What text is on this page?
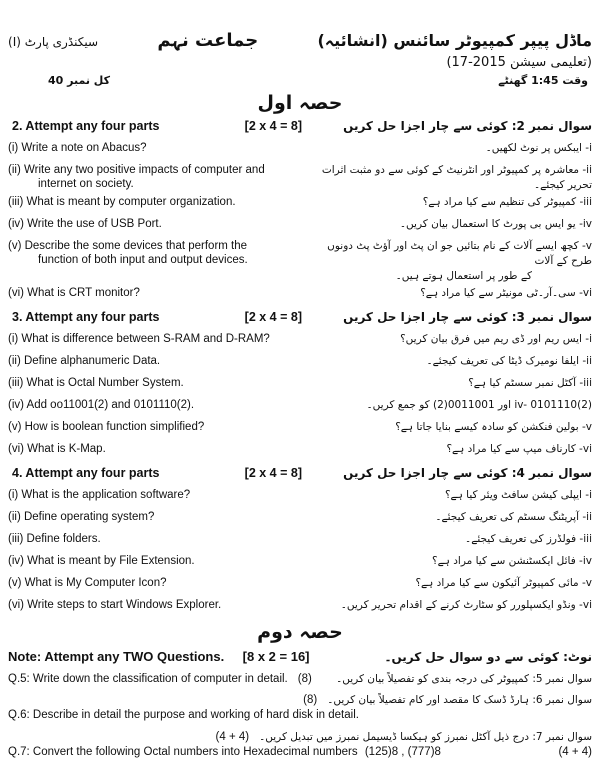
ماڈل پیپر کمپیوٹر سائنس (انشائیہ)
جماعت نہم
سیکنڈری پارٹ (I)
(تعلیمی سیشن 2015-17)
وقت 1:45 گھنٹے
کل نمبر 40
حصہ اول
2. Attempt any four parts	[2 x 4 = 8]	سوال نمبر 2: کوئی سے چار اجزا حل کریں
(i) Write a note on Abacus?	i- ایبکس پر نوٹ لکھیں۔
(ii) Write any two positive impacts of computer and
internet on society.
ii- معاشرہ پر کمپیوٹر اور انٹرنیٹ کے کوئی سے دو مثبت اثرات تحریر کیجئے۔
(iii) What is meant by computer organization.	iii- کمپیوٹر کی تنظیم سے کیا مراد ہے؟
(iv) Write the use of USB Port.	iv- یو ایس بی پورٹ کا استعمال بیان کریں۔
(v) Describe the some devices that perform the
function of both input and output devices.
v- کچھ ایسے آلات کے نام بتائیں جو ان پٹ اور آؤٹ پٹ دونوں طرح کے آلات
کے طور پر استعمال ہوتے ہیں۔
(vi) What is CRT monitor?	vi- سی۔آر۔ٹی مونیٹر سے کیا مراد ہے؟
3. Attempt any four parts	[2 x 4 = 8]	سوال نمبر 3: کوئی سے چار اجزا حل کریں
(i) What is difference between S-RAM and D-RAM?	i- ایس ریم اور ڈی ریم میں فرق بیان کریں؟
(ii) Define alphanumeric Data.	ii- ایلفا نومیرک ڈیٹا کی تعریف کیجئے۔
(iii) What is Octal Number System.	iii- آکٹل نمبر سسٹم کیا ہے؟
(iv) Add oo11001(2) and 0101110(2).	iv- 0101110(2) اور 0011001(2) کو جمع کریں۔
(v) How is boolean function simplified?	v- بولین فنکشن کو سادہ کیسے بنایا جاتا ہے؟
(vi) What is K-Map.	vi- کارناف میپ سے کیا مراد ہے؟
4. Attempt any four parts	[2 x 4 = 8]	سوال نمبر 4: کوئی سے چار اجزا حل کریں
(i) What is the application software?	i- ایپلی کیشن سافٹ ویئر کیا ہے؟
(ii) Define operating system?	ii- آپریٹنگ سسٹم کی تعریف کیجئے۔
(iii) Define folders.	iii- فولڈرز کی تعریف کیجئے۔
(iv) What is meant by File Extension.	iv- فائل ایکسٹنشن سے کیا مراد ہے؟
(v) What is My Computer Icon?	v- مائی کمپیوٹر آئیکون سے کیا مراد ہے؟
(vi) Write steps to start Windows Explorer.	vi- ونڈو ایکسپلورر کو سٹارٹ کرنے کے اقدام تحریر کریں۔
حصہ دوم
Note: Attempt any TWO Questions. [8 x 2 = 16]	نوٹ: کوئی سے دو سوال حل کریں۔
Q.5: Write down the classification of computer in detail. (8)	سوال نمبر 5: کمپیوٹر کی درجہ بندی کو تفصیلاً بیان کریں۔
(8) سوال نمبر 6: ہارڈ ڈسک کا مقصد اور کام تفصیلاً بیان کریں۔
Q.6: Describe in detail the purpose and working of hard disk in detail.
(4 + 4) سوال نمبر 7: درج ذیل آکٹل نمبرز کو ہیکسا ڈیسیمل نمبرز میں تبدیل کریں۔
Q.7: Convert the following Octal numbers into Hexadecimal numbers (125)8 , (777)8	(4 + 4)
